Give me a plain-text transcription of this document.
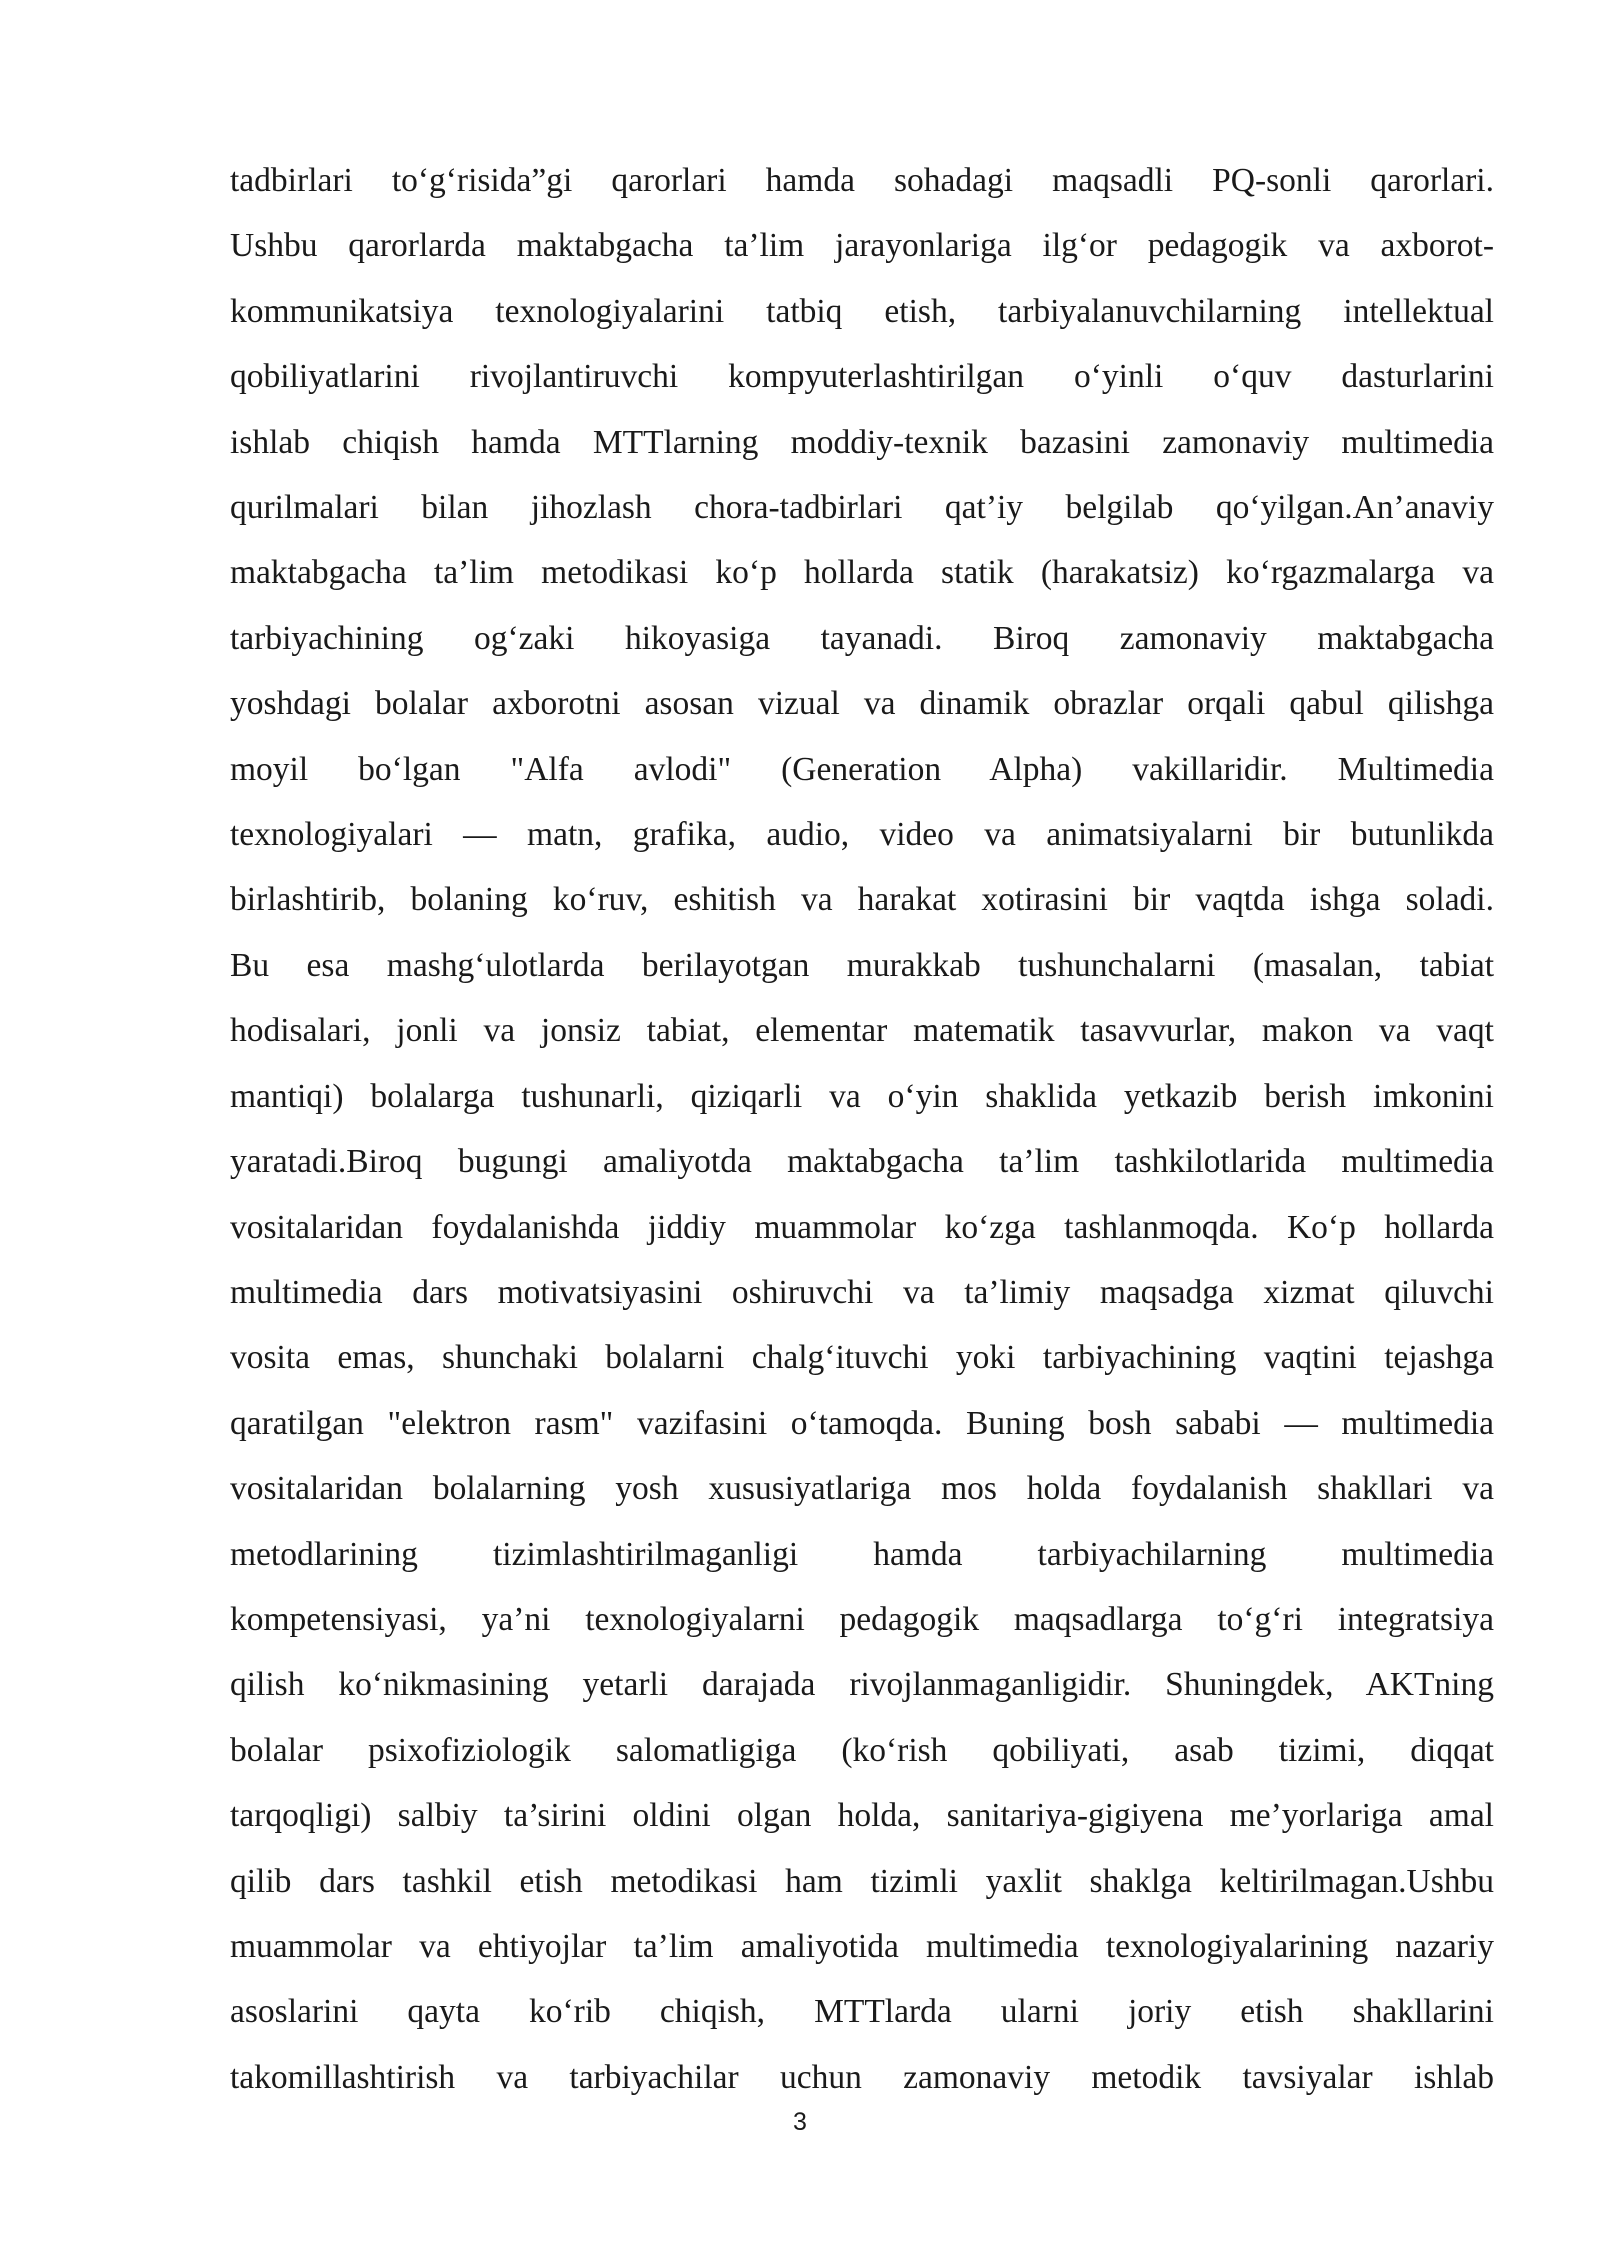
tadbirlari to‘g‘risida”gi qarorlari hamda sohadagi maqsadli PQ-sonli qarorlari.
Ushbu qarorlarda maktabgacha ta’lim jarayonlariga ilg‘or pedagogik va axborot-
kommunikatsiya texnologiyalarini tatbiq etish, tarbiyalanuvchilarning intellektual
qobiliyatlarini rivojlantiruvchi kompyuterlashtirilgan o‘yinli o‘quv dasturlarini
ishlab chiqish hamda MTTlarning moddiy-texnik bazasini zamonaviy multimedia
qurilmalari bilan jihozlash chora-tadbirlari qat’iy belgilab qo‘yilgan.An’anaviy
maktabgacha ta’lim metodikasi ko‘p hollarda statik (harakatsiz) ko‘rgazmalarga va
tarbiyachining og‘zaki hikoyasiga tayanadi. Biroq zamonaviy maktabgacha
yoshdagi bolalar axborotni asosan vizual va dinamik obrazlar orqali qabul qilishga
moyil bo‘lgan "Alfa avlodi" (Generation Alpha) vakillaridir. Multimedia
texnologiyalari — matn, grafika, audio, video va animatsiyalarni bir butunlikda
birlashtirib, bolaning ko‘ruv, eshitish va harakat xotirasini bir vaqtda ishga soladi.
Bu esa mashg‘ulotlarda berilayotgan murakkab tushunchalarni (masalan, tabiat
hodisalari, jonli va jonsiz tabiat, elementar matematik tasavvurlar, makon va vaqt
mantiqi) bolalarga tushunarli, qiziqarli va o‘yin shaklida yetkazib berish imkonini
yaratadi.Biroq bugungi amaliyotda maktabgacha ta’lim tashkilotlarida multimedia
vositalaridan foydalanishda jiddiy muammolar ko‘zga tashlanmoqda. Ko‘p hollarda
multimedia dars motivatsiyasini oshiruvchi va ta’limiy maqsadga xizmat qiluvchi
vosita emas, shunchaki bolalarni chalg‘ituvchi yoki tarbiyachining vaqtini tejashga
qaratilgan "elektron rasm" vazifasini o‘tamoqda. Buning bosh sababi — multimedia
vositalaridan bolalarning yosh xususiyatlariga mos holda foydalanish shakllari va
metodlarining tizimlashtirilmaganligi hamda tarbiyachilarning multimedia
kompetensiyasi, ya’ni texnologiyalarni pedagogik maqsadlarga to‘g‘ri integratsiya
qilish ko‘nikmasining yetarli darajada rivojlanmaganligidir. Shuningdek, AKTning
bolalar psixofiziologik salomatligiga (ko‘rish qobiliyati, asab tizimi, diqqat
tarqoqligi) salbiy ta’sirini oldini olgan holda, sanitariya-gigiyena me’yorlariga amal
qilib dars tashkil etish metodikasi ham tizimli yaxlit shaklga keltirilmagan.Ushbu
muammolar va ehtiyojlar ta’lim amaliyotida multimedia texnologiyalarining nazariy
asoslarini qayta ko‘rib chiqish, MTTlarda ularni joriy etish shakllarini
takomillashtirish va tarbiyachilar uchun zamonaviy metodik tavsiyalar ishlab
3
